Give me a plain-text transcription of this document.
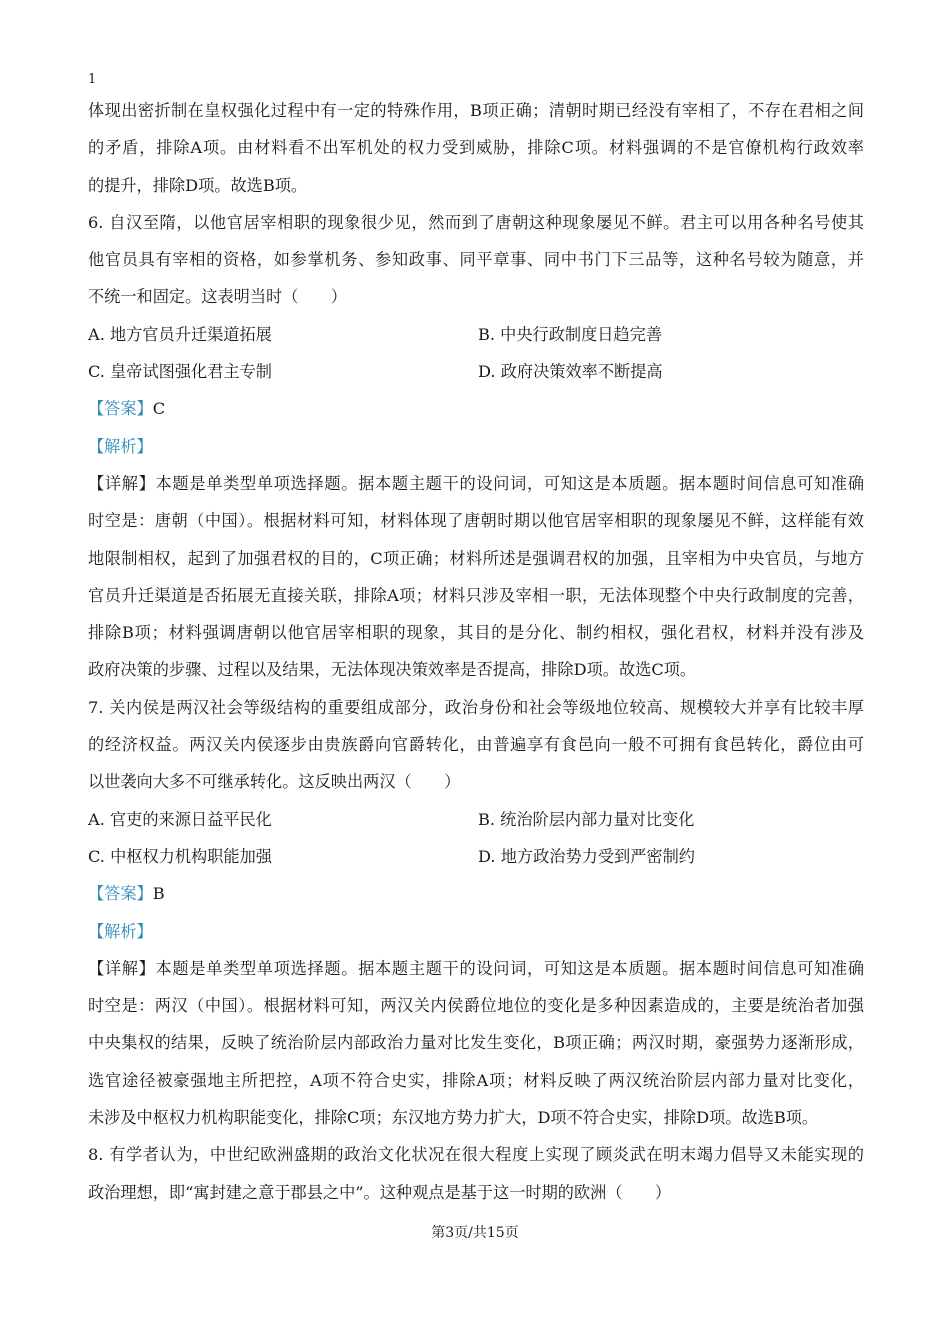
1
体现出密折制在皇权强化过程中有一定的特殊作用，B项正确；清朝时期已经没有宰相了，不存在君相之间
的矛盾，排除A项。由材料看不出军机处的权力受到威胁，排除C项。材料强调的不是官僚机构行政效率
的提升，排除D项。故选B项。
6. 自汉至隋，以他官居宰相职的现象很少见，然而到了唐朝这种现象屡见不鲜。君主可以用各种名号使其
他官员具有宰相的资格，如参掌机务、参知政事、同平章事、同中书门下三品等，这种名号较为随意，并
不统一和固定。这表明当时（　　）
A. 地方官员升迁渠道拓展	B. 中央行政制度日趋完善
C. 皇帝试图强化君主专制	D. 政府决策效率不断提高
【答案】C
【解析】
【详解】本题是单类型单项选择题。据本题主题干的设问词，可知这是本质题。据本题时间信息可知准确
时空是：唐朝（中国）。根据材料可知，材料体现了唐朝时期以他官居宰相职的现象屡见不鲜，这样能有效
地限制相权，起到了加强君权的目的，C项正确；材料所述是强调君权的加强，且宰相为中央官员，与地方
官员升迁渠道是否拓展无直接关联，排除A项；材料只涉及宰相一职，无法体现整个中央行政制度的完善，
排除B项；材料强调唐朝以他官居宰相职的现象，其目的是分化、制约相权，强化君权，材料并没有涉及
政府决策的步骤、过程以及结果，无法体现决策效率是否提高，排除D项。故选C项。
7. 关内侯是两汉社会等级结构的重要组成部分，政治身份和社会等级地位较高、规模较大并享有比较丰厚
的经济权益。两汉关内侯逐步由贵族爵向官爵转化，由普遍享有食邑向一般不可拥有食邑转化，爵位由可
以世袭向大多不可继承转化。这反映出两汉（　　）
A. 官吏的来源日益平民化	B. 统治阶层内部力量对比变化
C. 中枢权力机构职能加强	D. 地方政治势力受到严密制约
【答案】B
【解析】
【详解】本题是单类型单项选择题。据本题主题干的设问词，可知这是本质题。据本题时间信息可知准确
时空是：两汉（中国）。根据材料可知，两汉关内侯爵位地位的变化是多种因素造成的，主要是统治者加强
中央集权的结果，反映了统治阶层内部政治力量对比发生变化，B项正确；两汉时期，豪强势力逐渐形成，
选官途径被豪强地主所把控，A项不符合史实，排除A项；材料反映了两汉统治阶层内部力量对比变化，
未涉及中枢权力机构职能变化，排除C项；东汉地方势力扩大，D项不符合史实，排除D项。故选B项。
8. 有学者认为，中世纪欧洲盛期的政治文化状况在很大程度上实现了顾炎武在明末竭力倡导又未能实现的
政治理想，即“寓封建之意于郡县之中”。这种观点是基于这一时期的欧洲（　　）
第3页/共15页
